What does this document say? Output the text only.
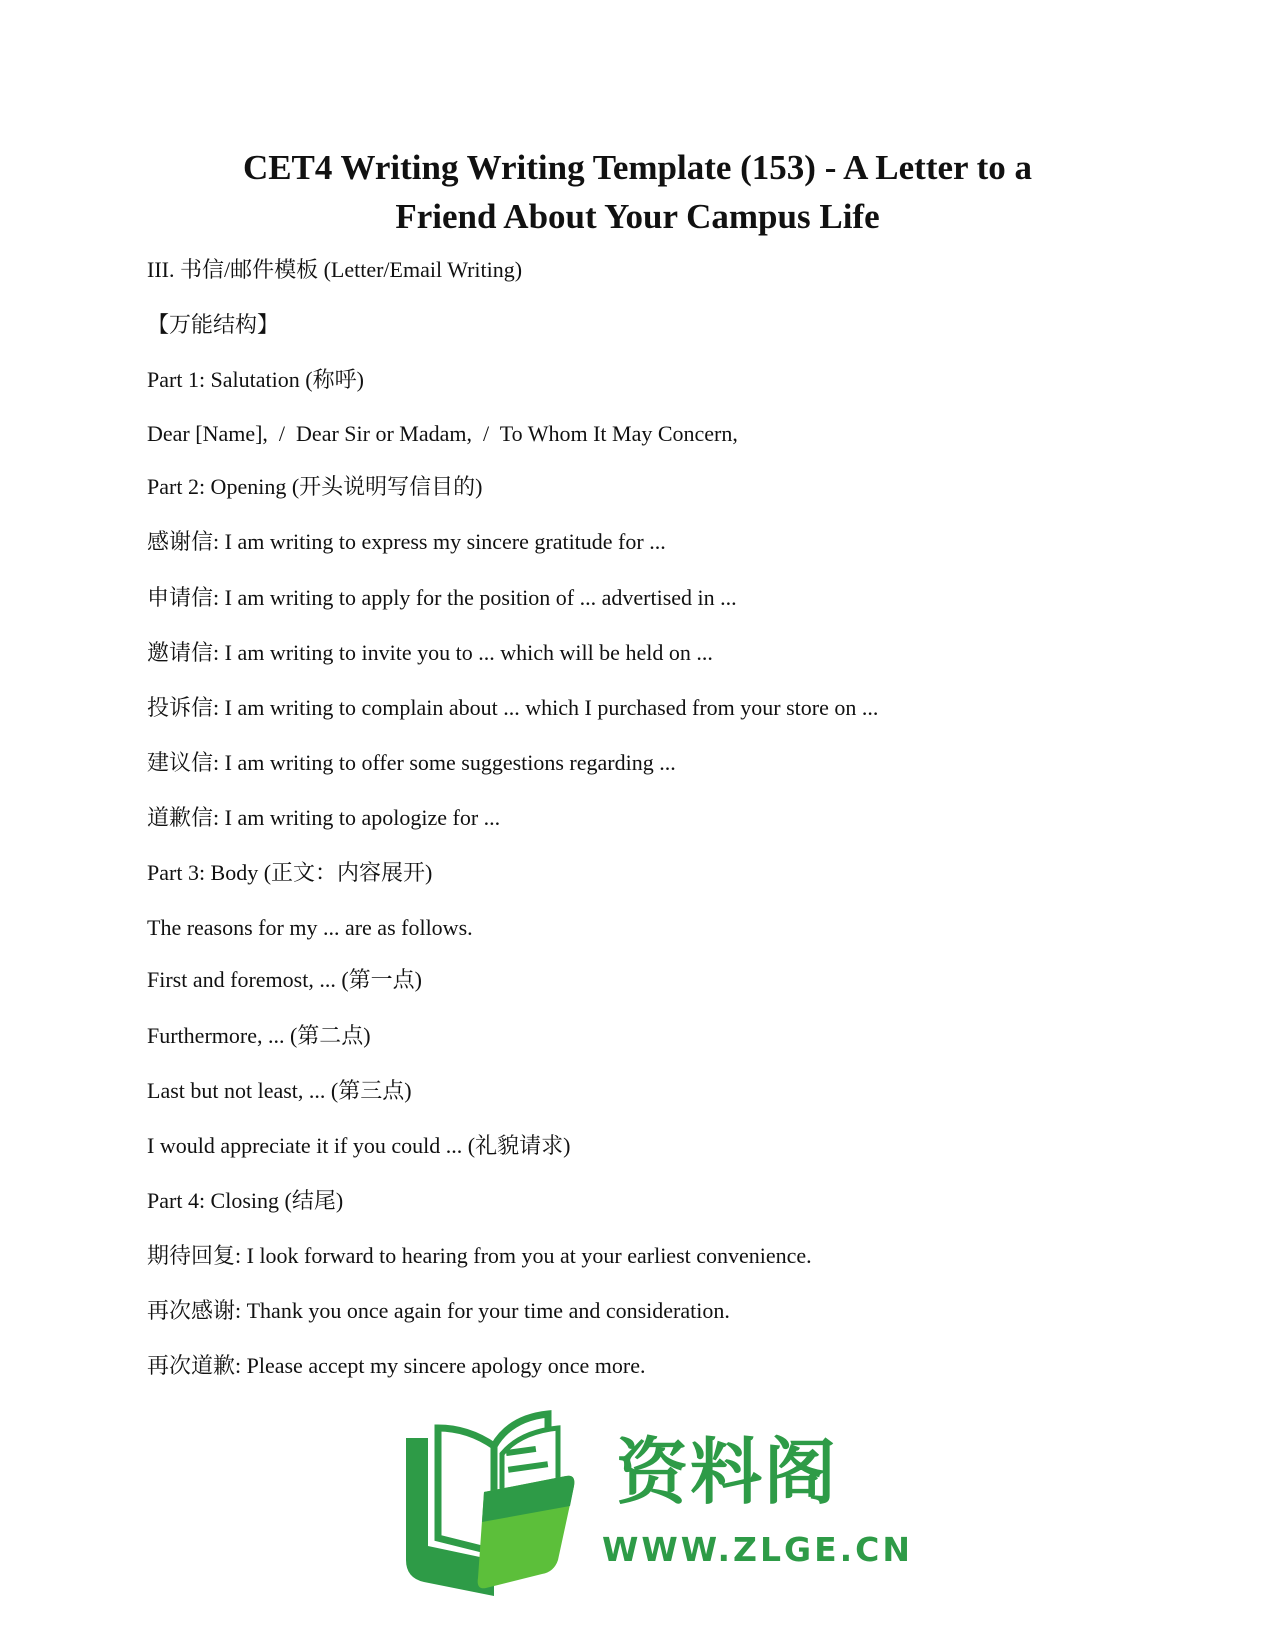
CET4 Writing Writing Template (153) - A Letter to a
Friend About Your Campus Life

III. 书信/邮件模板 (Letter/Email Writing)

【万能结构】

Part 1: Salutation (称呼)

Dear [Name],  /  Dear Sir or Madam,  /  To Whom It May Concern,

Part 2: Opening (开头说明写信目的)

感谢信: I am writing to express my sincere gratitude for ...

申请信: I am writing to apply for the position of ... advertised in ...

邀请信: I am writing to invite you to ... which will be held on ...

投诉信: I am writing to complain about ... which I purchased from your store on ...

建议信: I am writing to offer some suggestions regarding ...

道歉信: I am writing to apologize for ...

Part 3: Body (正文：内容展开)

The reasons for my ... are as follows.

First and foremost, ... (第一点)

Furthermore, ... (第二点)

Last but not least, ... (第三点)

I would appreciate it if you could ... (礼貌请求)

Part 4: Closing (结尾)

期待回复: I look forward to hearing from you at your earliest convenience.

再次感谢: Thank you once again for your time and consideration.

再次道歉: Please accept my sincere apology once more.

资料阁
WWW.ZLGE.CN
